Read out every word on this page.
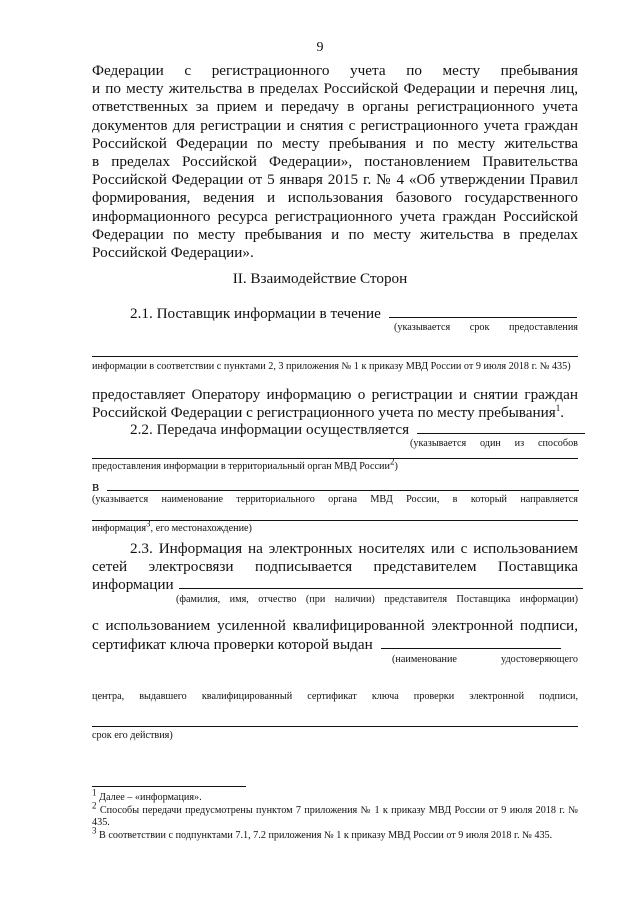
9
Федерации с регистрационного учета по месту пребывания
и по месту жительства в пределах Российской Федерации и перечня лиц,
ответственных за прием и передачу в органы регистрационного учета
документов для регистрации и снятия с регистрационного учета граждан
Российской Федерации по месту пребывания и по месту жительства
в пределах Российской Федерации», постановлением Правительства
Российской Федерации от 5 января 2015 г. № 4 «Об утверждении Правил
формирования, ведения и использования базового государственного
информационного ресурса регистрационного учета граждан Российской
Федерации по месту пребывания и по месту жительства в пределах
Российской Федерации».
II. Взаимодействие Сторон
2.1. Поставщик информации в течение
(указывается срок предоставления
информации в соответствии с пунктами 2, 3 приложения № 1 к приказу МВД России от 9 июля 2018 г. № 435)
предоставляет Оператору информацию о регистрации и снятии граждан
Российской Федерации с регистрационного учета по месту пребывания$^1$.
2.2. Передача информации осуществляется
(указывается один из способов
предоставления информации в территориальный орган МВД России$^2$)
в
(указывается наименование территориального органа МВД России, в который направляется
информация$^3$, его местонахождение)
2.3. Информация на электронных носителях или с использованием
сетей электросвязи подписывается представителем Поставщика
информации
(фамилия, имя, отчество (при наличии) представителя Поставщика информации)
с использованием усиленной квалифицированной электронной подписи,
сертификат ключа проверки которой выдан
(наименование удостоверяющего
центра, выдавшего квалифицированный сертификат ключа проверки электронной подписи,
срок его действия)
$^1$ Далее – «информация».
$^2$ Способы передачи предусмотрены пунктом 7 приложения № 1 к приказу МВД России от 9 июля 2018 г. № 435.
$^3$ В соответствии с подпунктами 7.1, 7.2 приложения № 1 к приказу МВД России от 9 июля 2018 г. № 435.
